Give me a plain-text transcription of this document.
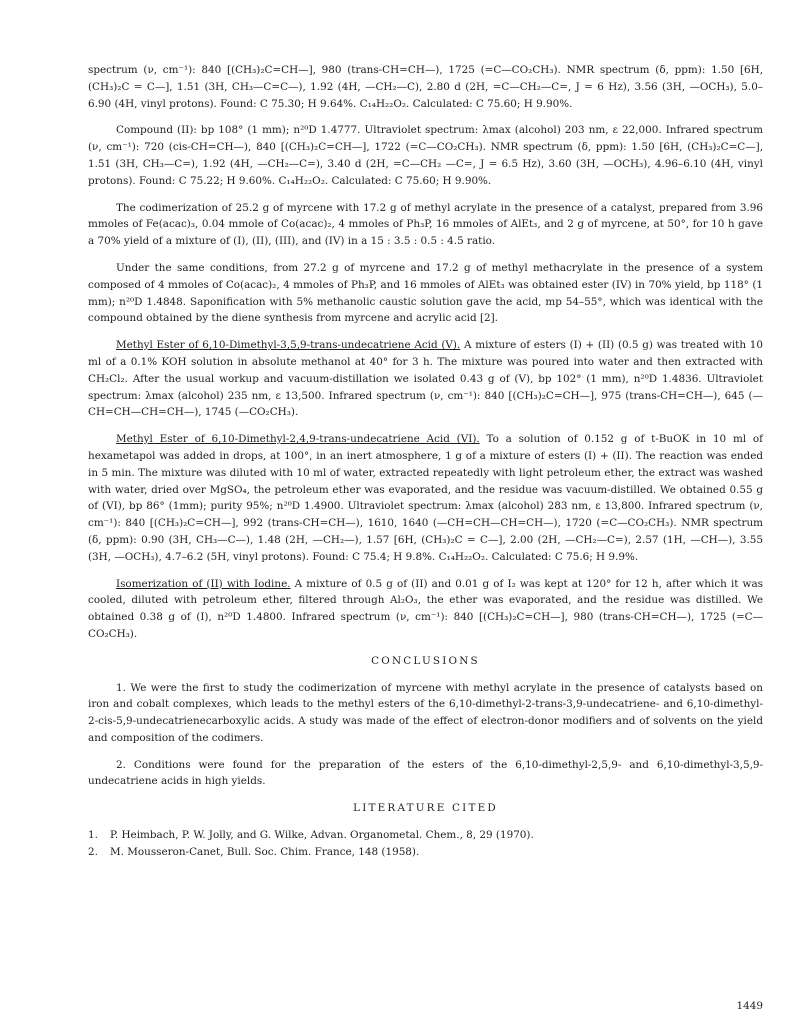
spectrum (ν, cm⁻¹): 840 [(CH₃)₂C=CH—], 980 (trans-CH=CH—), 1725 (=C—CO₂CH₃). NMR spectrum (δ, ppm): 1.50 [6H, (CH₃)₂C = C—], 1.51 (3H, CH₃—C=C—), 1.92 (4H, —CH₂—C), 2.80 d (2H, =C—CH₂—C=, J = 6 Hz), 3.56 (3H, —OCH₃), 5.0–6.90 (4H, vinyl protons). Found: C 75.30; H 9.64%. C₁₄H₂₂O₂. Calculated: C 75.60; H 9.90%.

Compound (II): bp 108° (1 mm); n²⁰D 1.4777. Ultraviolet spectrum: λmax (alcohol) 203 nm, ε 22,000. Infrared spectrum (ν, cm⁻¹): 720 (cis-CH=CH—), 840 [(CH₃)₂C=CH—], 1722 (=C—CO₂CH₃). NMR spectrum (δ, ppm): 1.50 [6H, (CH₃)₂C=C—], 1.51 (3H, CH₃—C=), 1.92 (4H, —CH₂—C=), 3.40 d (2H, =C—CH₂ —C=, J = 6.5 Hz), 3.60 (3H, —OCH₃), 4.96–6.10 (4H, vinyl protons). Found: C 75.22; H 9.60%. C₁₄H₂₂O₂. Calculated: C 75.60; H 9.90%.

The codimerization of 25.2 g of myrcene with 17.2 g of methyl acrylate in the presence of a catalyst, prepared from 3.96 mmoles of Fe(acac)₃, 0.04 mmole of Co(acac)₂, 4 mmoles of Ph₃P, 16 mmoles of AlEt₃, and 2 g of myrcene, at 50°, for 10 h gave a 70% yield of a mixture of (I), (II), (III), and (IV) in a 15 : 3.5 : 0.5 : 4.5 ratio.

Under the same conditions, from 27.2 g of myrcene and 17.2 g of methyl methacrylate in the presence of a system composed of 4 mmoles of Co(acac)₂, 4 mmoles of Ph₃P, and 16 mmoles of AlEt₃ was obtained ester (IV) in 70% yield, bp 118° (1 mm); n²⁰D 1.4848. Saponification with 5% methanolic caustic solution gave the acid, mp 54–55°, which was identical with the compound obtained by the diene synthesis from myrcene and acrylic acid [2].

Methyl Ester of 6,10-Dimethyl-3,5,9-trans-undecatriene Acid (V). A mixture of esters (I) + (II) (0.5 g) was treated with 10 ml of a 0.1% KOH solution in absolute methanol at 40° for 3 h. The mixture was poured into water and then extracted with CH₂Cl₂. After the usual workup and vacuum-distillation we isolated 0.43 g of (V), bp 102° (1 mm), n²⁰D 1.4836. Ultraviolet spectrum: λmax (alcohol) 235 nm, ε 13,500. Infrared spectrum (ν, cm⁻¹): 840 [(CH₃)₂C=CH—], 975 (trans-CH=CH—), 645 (—CH=CH—CH=CH—), 1745 (—CO₂CH₃).

Methyl Ester of 6,10-Dimethyl-2,4,9-trans-undecatriene Acid (VI). To a solution of 0.152 g of t-BuOK in 10 ml of hexametapol was added in drops, at 100°, in an inert atmosphere, 1 g of a mixture of esters (I) + (II). The reaction was ended in 5 min. The mixture was diluted with 10 ml of water, extracted repeatedly with light petroleum ether, the extract was washed with water, dried over MgSO₄, the petroleum ether was evaporated, and the residue was vacuum-distilled. We obtained 0.55 g of (VI), bp 86° (1mm); purity 95%; n²⁰D 1.4900. Ultraviolet spectrum: λmax (alcohol) 283 nm, ε 13,800. Infrared spectrum (ν, cm⁻¹): 840 [(CH₃)₂C=CH—], 992 (trans-CH=CH—), 1610, 1640 (—CH=CH—CH=CH—), 1720 (=C—CO₂CH₃). NMR spectrum (δ, ppm): 0.90 (3H, CH₃—C—), 1.48 (2H, —CH₂—), 1.57 [6H, (CH₃)₂C = C—], 2.00 (2H, —CH₂—C=), 2.57 (1H, —CH—), 3.55 (3H, —OCH₃), 4.7–6.2 (5H, vinyl protons). Found: C 75.4; H 9.8%. C₁₄H₂₂O₂. Calculated: C 75.6; H 9.9%.

Isomerization of (II) with Iodine. A mixture of 0.5 g of (II) and 0.01 g of I₂ was kept at 120° for 12 h, after which it was cooled, diluted with petroleum ether, filtered through Al₂O₃, the ether was evaporated, and the residue was distilled. We obtained 0.38 g of (I), n²⁰D 1.4800. Infrared spectrum (ν, cm⁻¹): 840 [(CH₃)₂C=CH—], 980 (trans-CH=CH—), 1725 (=C—CO₂CH₃).

CONCLUSIONS

1. We were the first to study the codimerization of myrcene with methyl acrylate in the presence of catalysts based on iron and cobalt complexes, which leads to the methyl esters of the 6,10-dimethyl-2-trans-3,9-undecatriene- and 6,10-dimethyl-2-cis-5,9-undecatrienecarboxylic acids. A study was made of the effect of electron-donor modifiers and of solvents on the yield and composition of the codimers.

2. Conditions were found for the preparation of the esters of the 6,10-dimethyl-2,5,9- and 6,10-dimethyl-3,5,9-undecatriene acids in high yields.

LITERATURE CITED

1.	P. Heimbach, P. W. Jolly, and G. Wilke, Advan. Organometal. Chem., 8, 29 (1970).
2.	M. Mousseron-Canet, Bull. Soc. Chim. France, 148 (1958).
1449
